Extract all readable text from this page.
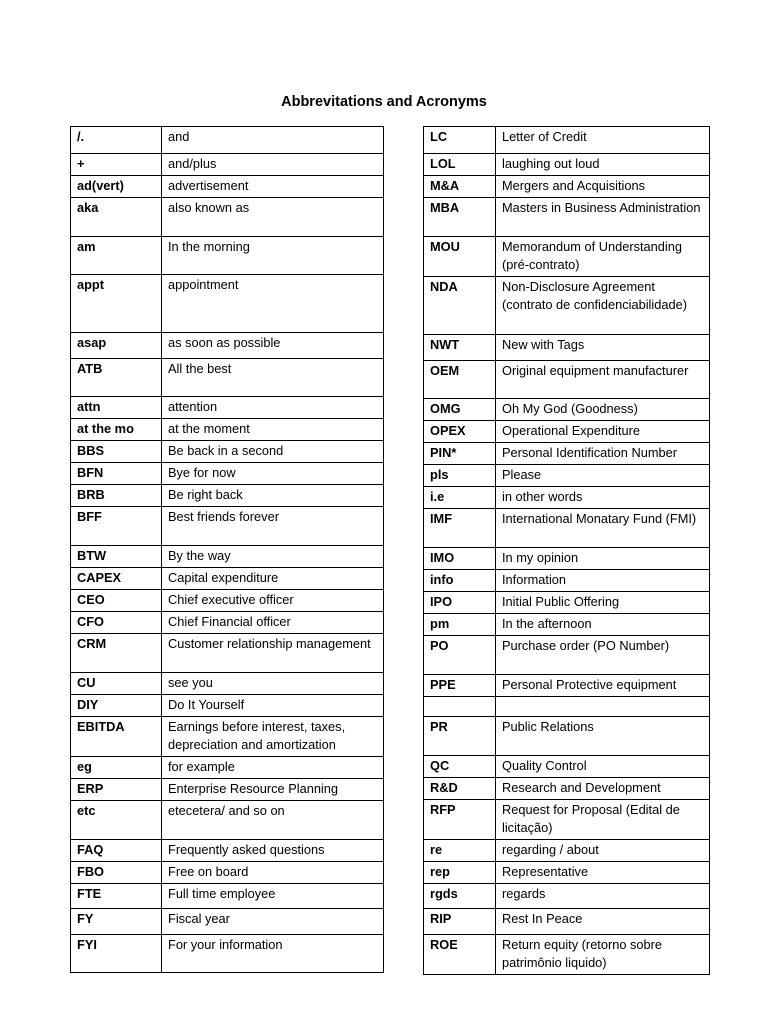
Abbrevitations and Acronyms
/.	and
+	and/plus
ad(vert)	advertisement
aka	also known as
am	In the morning
appt	appointment
asap	as soon as possible
ATB	All the best
attn	attention
at the mo	at the moment
BBS	Be back in a second
BFN	Bye for now
BRB	Be right back
BFF	Best friends forever
BTW	By the way
CAPEX	Capital expenditure
CEO	Chief executive officer
CFO	Chief Financial officer
CRM	Customer relationship management
CU	see you
DIY	Do It Yourself
EBITDA	Earnings before interest, taxes, depreciation and amortization
eg	for example
ERP	Enterprise Resource Planning
etc	etecetera/ and so on
FAQ	Frequently asked questions
FBO	Free on board
FTE	Full time employee
FY	Fiscal year
FYI	For your information
LC	Letter of Credit
LOL	laughing out loud
M&A	Mergers and Acquisitions
MBA	Masters in Business Administration
MOU	Memorandum of Understanding (pré-contrato)
NDA	Non-Disclosure Agreement (contrato de confidenciabilidade)
NWT	New with Tags
OEM	Original equipment manufacturer
OMG	Oh My God (Goodness)
OPEX	Operational Expenditure
PIN*	Personal Identification Number
pls	Please
i.e	in other words
IMF	International Monatary Fund (FMI)
IMO	In my opinion
info	Information
IPO	Initial Public Offering
pm	In the afternoon
PO	Purchase order (PO Number)
PPE	Personal Protective equipment

PR	Public Relations
QC	Quality Control
R&D	Research and Development
RFP	Request for Proposal (Edital de licitação)
re	regarding / about
rep	Representative
rgds	regards
RIP	Rest In Peace
ROE	Return equity (retorno sobre patrimônio liquido)
